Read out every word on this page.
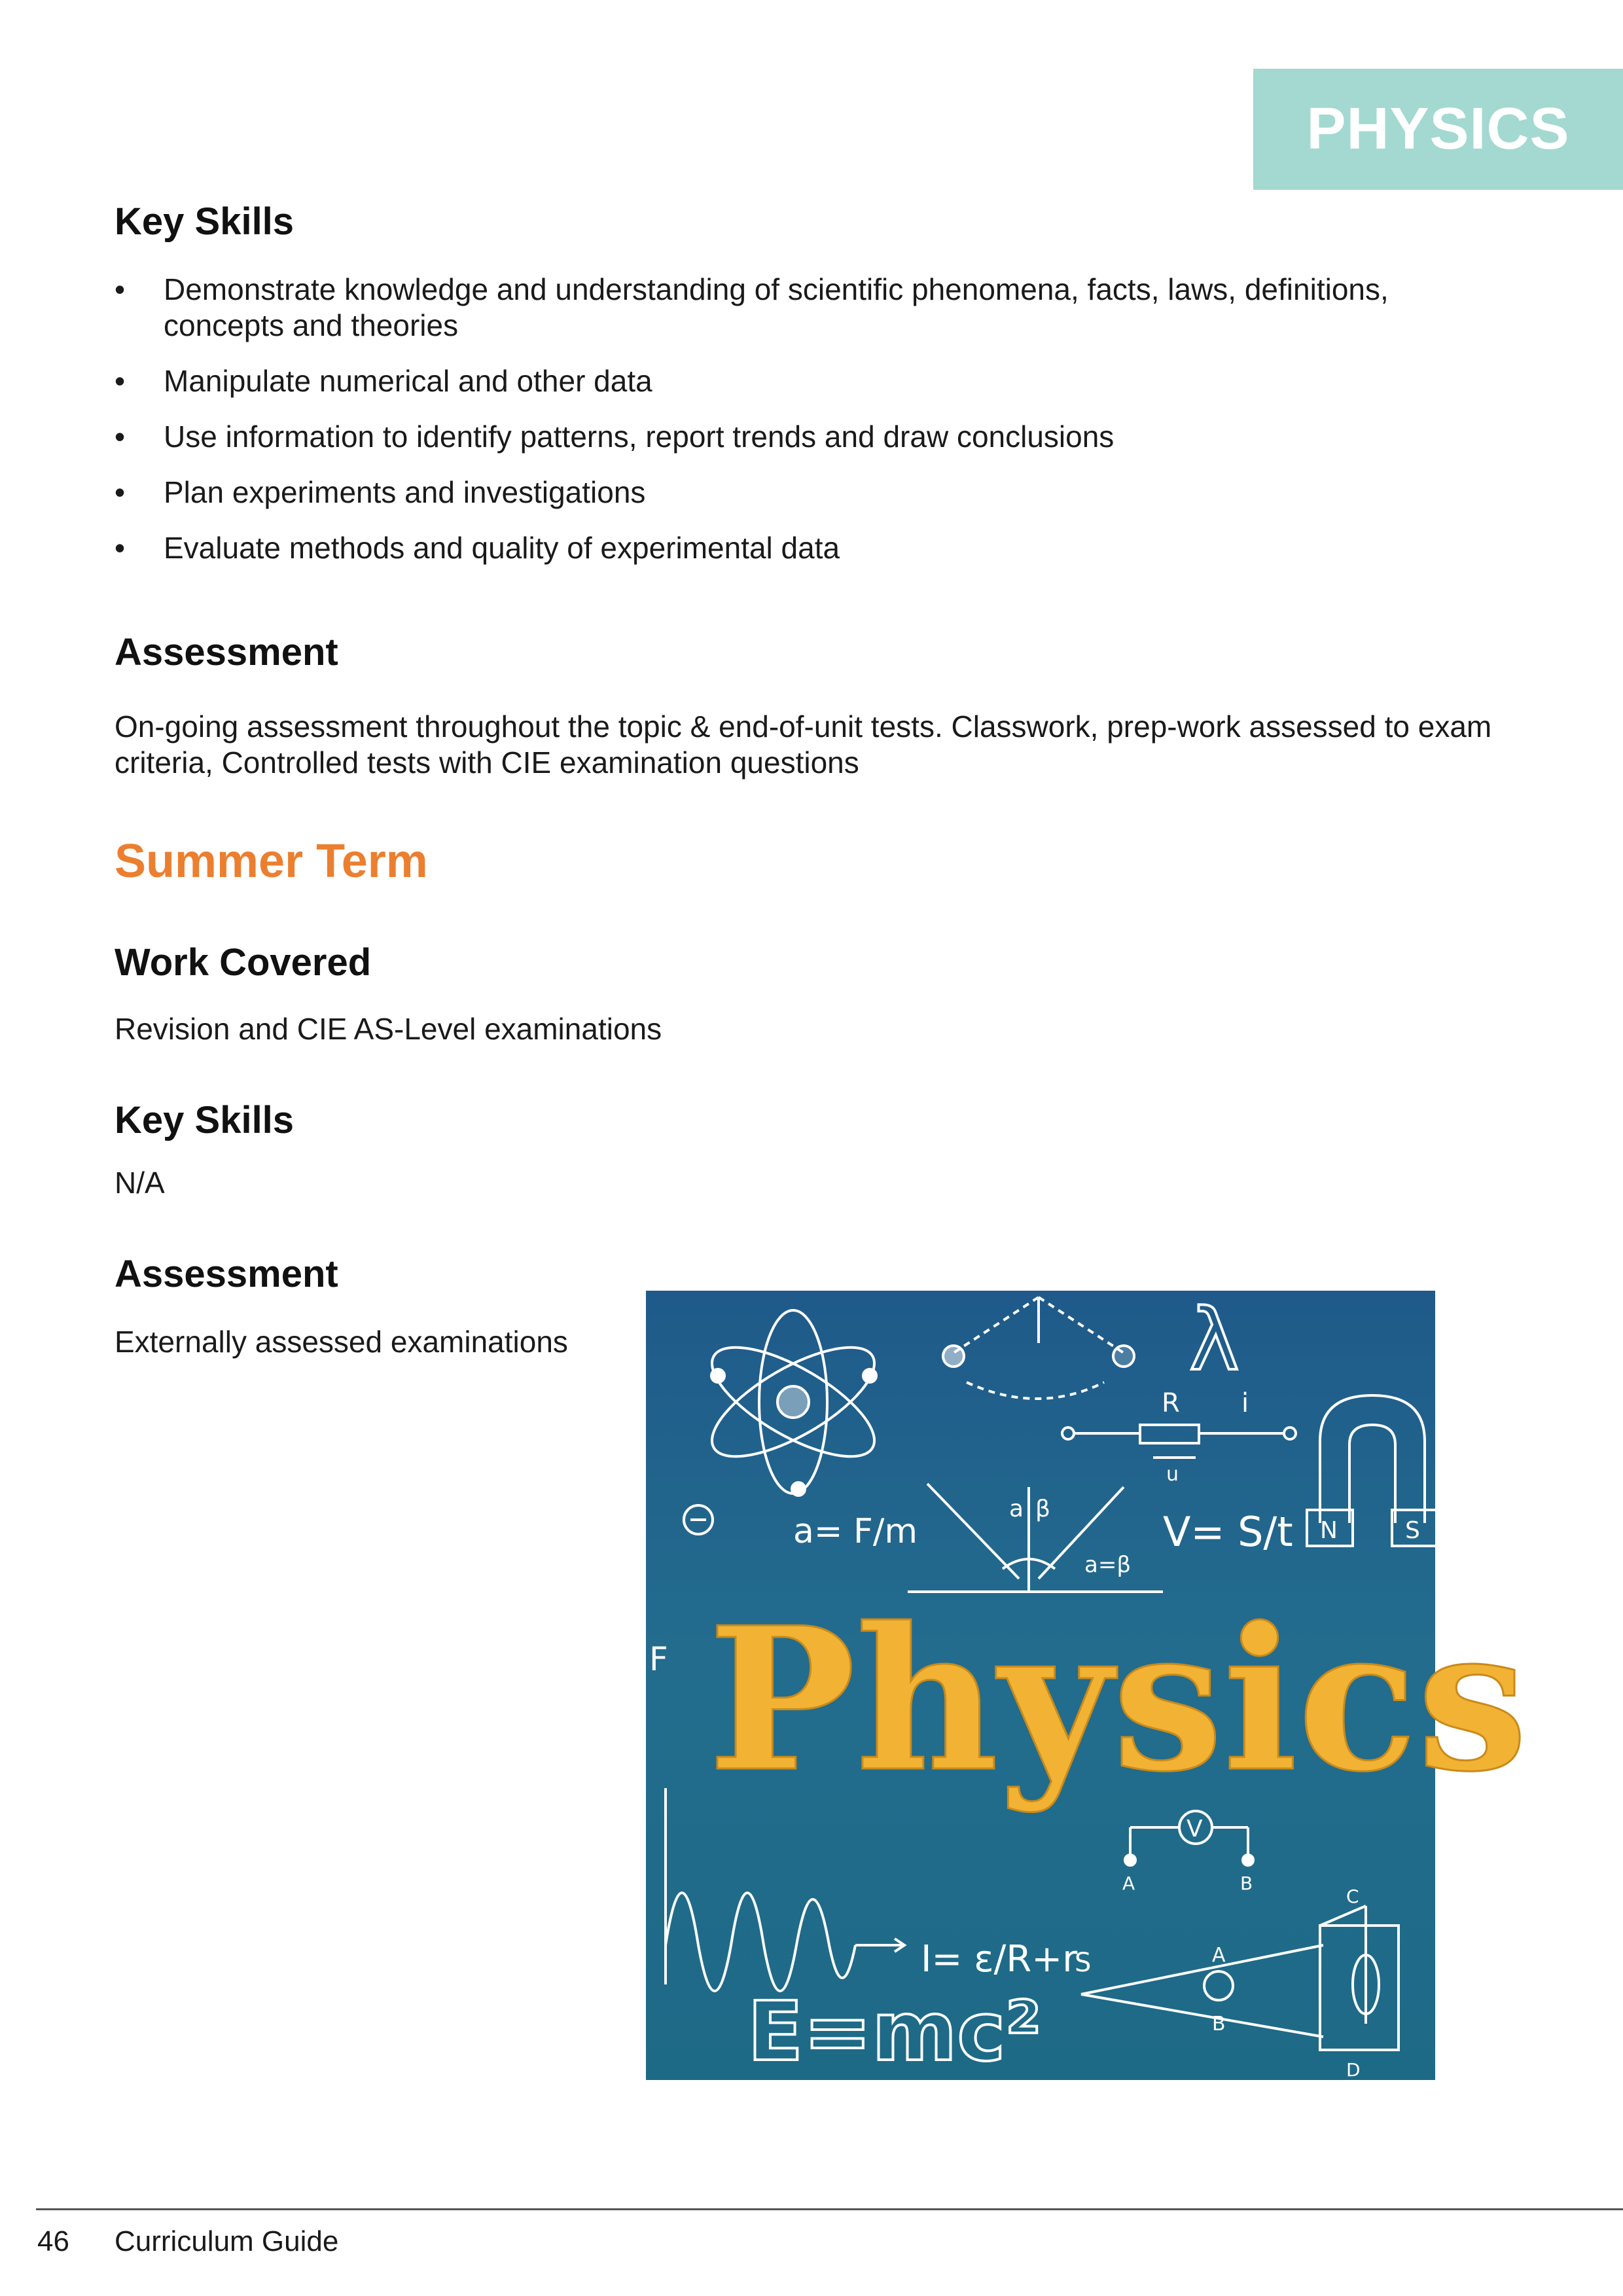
PHYSICS
Key Skills
• Demonstrate knowledge and understanding of scientific phenomena, facts, laws, definitions, concepts and theories
• Manipulate numerical and other data
• Use information to identify patterns, report trends and draw conclusions
• Plan experiments and investigations
• Evaluate methods and quality of experimental data
Assessment

On-going assessment throughout the topic & end-of-unit tests. Classwork, prep-work assessed to exam criteria, Controlled tests with CIE examination questions

Summer Term
Work Covered

Revision and CIE AS-Level examinations

Key Skills

N/A

Assessment

Externally assessed examinations	λ
R i
u
N	S
a= F/m
a β
a=β
V= S/t
F Physics
I= ε/R+r
V
A	B
S	A
B
C
D
E=mc²
46 Curriculum Guide
